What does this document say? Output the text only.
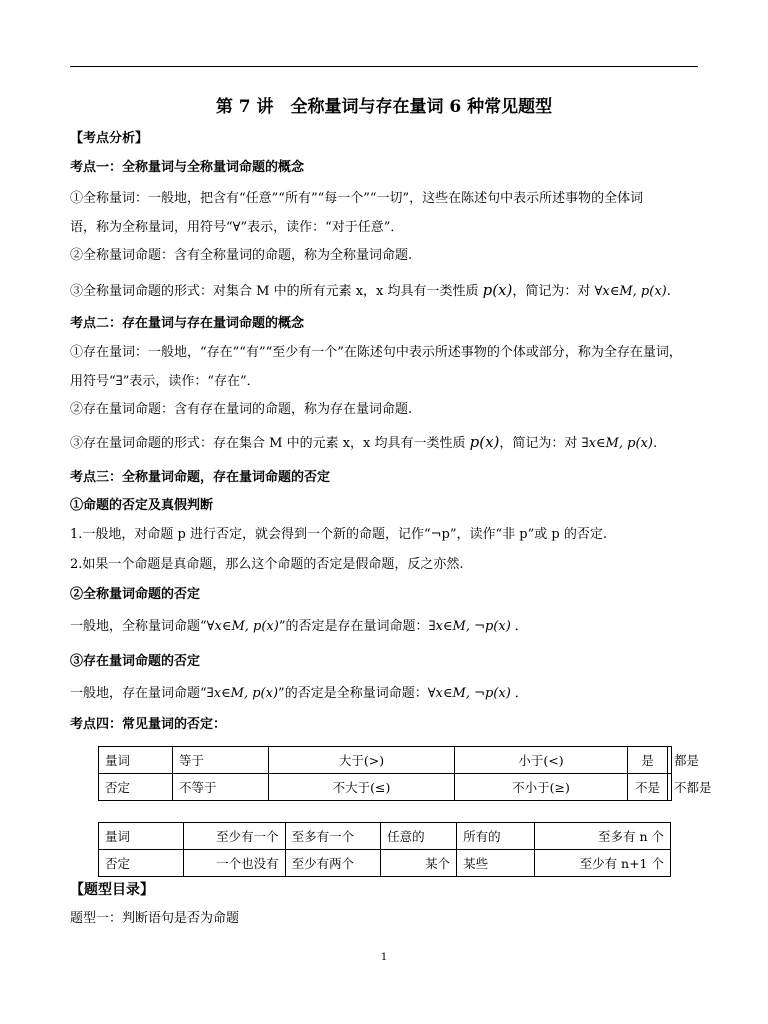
第 7 讲　全称量词与存在量词 6 种常见题型
【考点分析】
考点一：全称量词与全称量词命题的概念
①全称量词：一般地，把含有“任意”“所有”“每一个”“一切”，这些在陈述句中表示所述事物的全体词
语，称为全称量词，用符号“∀”表示，读作：“对于任意”．
②全称量词命题：含有全称量词的命题，称为全称量词命题.
③全称量词命题的形式：对集合 M 中的所有元素 x，x 均具有一类性质 p(x)，简记为：对 ∀x∈M, p(x).
考点二：存在量词与存在量词命题的概念
①存在量词：一般地，“存在”“有”“至少有一个”在陈述句中表示所述事物的个体或部分，称为全存在量词，
用符号“∃”表示，读作：“存在”．
②存在量词命题：含有存在量词的命题，称为存在量词命题.
③存在量词命题的形式：存在集合 M 中的元素 x，x 均具有一类性质 p(x)，简记为：对 ∃x∈M, p(x).
考点三：全称量词命题，存在量词命题的否定
①命题的否定及真假判断
1.一般地，对命题 p 进行否定，就会得到一个新的命题，记作“¬p”，读作“非 p”或 p 的否定.
2.如果一个命题是真命题，那么这个命题的否定是假命题，反之亦然.
②全称量词命题的否定
一般地，全称量词命题“∀x∈M, p(x)”的否定是存在量词命题：∃x∈M, ¬p(x) ．
③存在量词命题的否定
一般地，存在量词命题“∃x∈M, p(x)”的否定是全称量词命题：∀x∈M, ¬p(x) ．
考点四：常见量词的否定：
量词	等于	大于(>)	小于(<)	是	都是
否定	不等于	不大于(≤)	不小于(≥)	不是	不都是
量词	至少有一个	至多有一个	任意的	所有的	至多有 n 个
否定	一个也没有	至少有两个	某个	某些	至少有 n+1 个
【题型目录】
题型一：判断语句是否为命题
1
